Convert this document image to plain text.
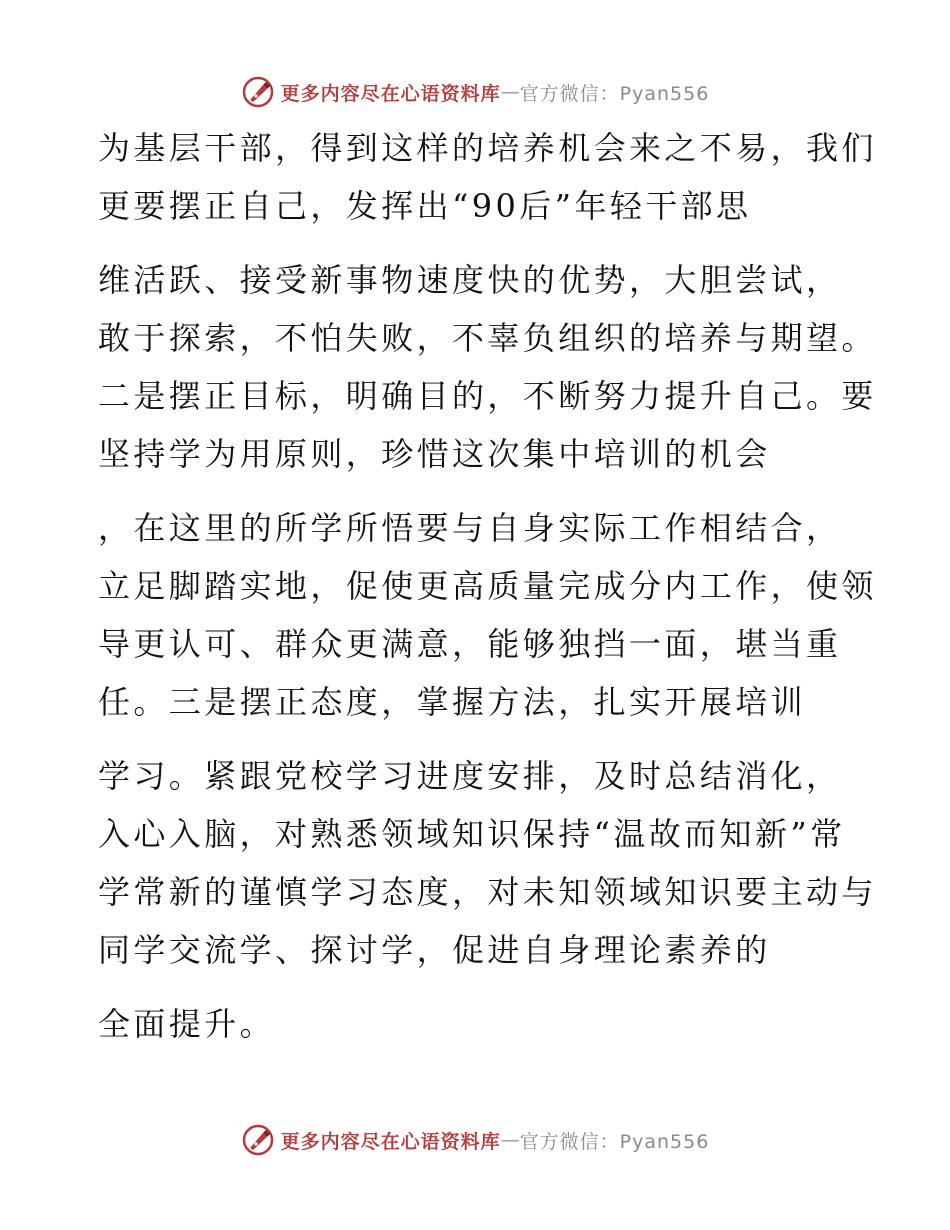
更多内容尽在心语资料库 — 官方微信：Pyan556
为基层干部，得到这样的培养机会来之不易，我们
更要摆正自己，发挥出“90后”年轻干部思
维活跃、接受新事物速度快的优势，大胆尝试，
敢于探索，不怕失败，不辜负组织的培养与期望。
二是摆正目标，明确目的，不断努力提升自己。要
坚持学为用原则，珍惜这次集中培训的机会
，在这里的所学所悟要与自身实际工作相结合，
立足脚踏实地，促使更高质量完成分内工作，使领
导更认可、群众更满意，能够独挡一面，堪当重
任。三是摆正态度，掌握方法，扎实开展培训
学习。紧跟党校学习进度安排，及时总结消化，
入心入脑，对熟悉领域知识保持“温故而知新”常
学常新的谨慎学习态度，对未知领域知识要主动与
同学交流学、探讨学，促进自身理论素养的
全面提升。
更多内容尽在心语资料库 — 官方微信：Pyan556
